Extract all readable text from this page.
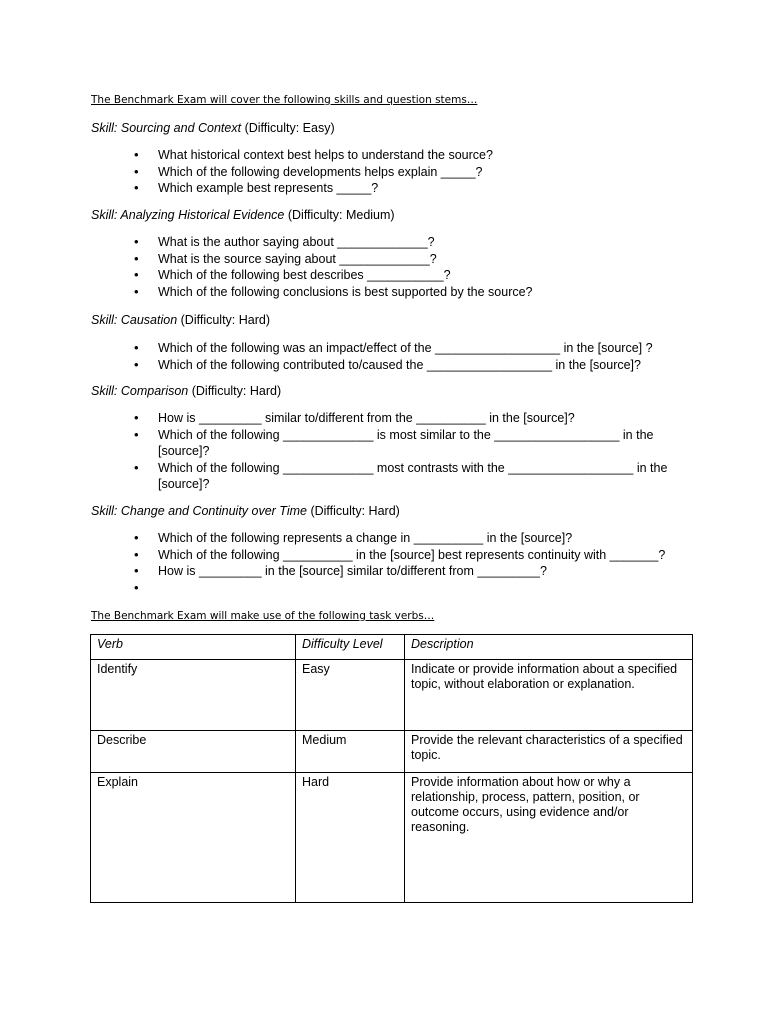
The Benchmark Exam will cover the following skills and question stems…
Skill: Sourcing and Context (Difficulty: Easy)
• What historical context best helps to understand the source?
• Which of the following developments helps explain _____?
• Which example best represents _____?
Skill: Analyzing Historical Evidence (Difficulty: Medium)
• What is the author saying about _____________?
• What is the source saying about _____________?
• Which of the following best describes ___________?
• Which of the following conclusions is best supported by the source?
Skill: Causation (Difficulty: Hard)
• Which of the following was an impact/effect of the __________________ in the [source] ?
• Which of the following contributed to/caused the __________________ in the [source]?
Skill: Comparison (Difficulty: Hard)
• How is _________ similar to/different from the __________ in the [source]?
• Which of the following _____________ is most similar to the __________________ in the [source]?
• Which of the following _____________ most contrasts with the __________________ in the [source]?
Skill: Change and Continuity over Time (Difficulty: Hard)
• Which of the following represents a change in __________ in the [source]?
• Which of the following __________ in the [source] best represents continuity with _______?
• How is _________ in the [source] similar to/different from _________?
The Benchmark Exam will make use of the following task verbs…
Verb	Difficulty Level	Description
Identify	Easy	Indicate or provide information about a specified topic, without elaboration or explanation.
Describe	Medium	Provide the relevant characteristics of a specified topic.
Explain	Hard	Provide information about how or why a relationship, process, pattern, position, or outcome occurs, using evidence and/or reasoning.
